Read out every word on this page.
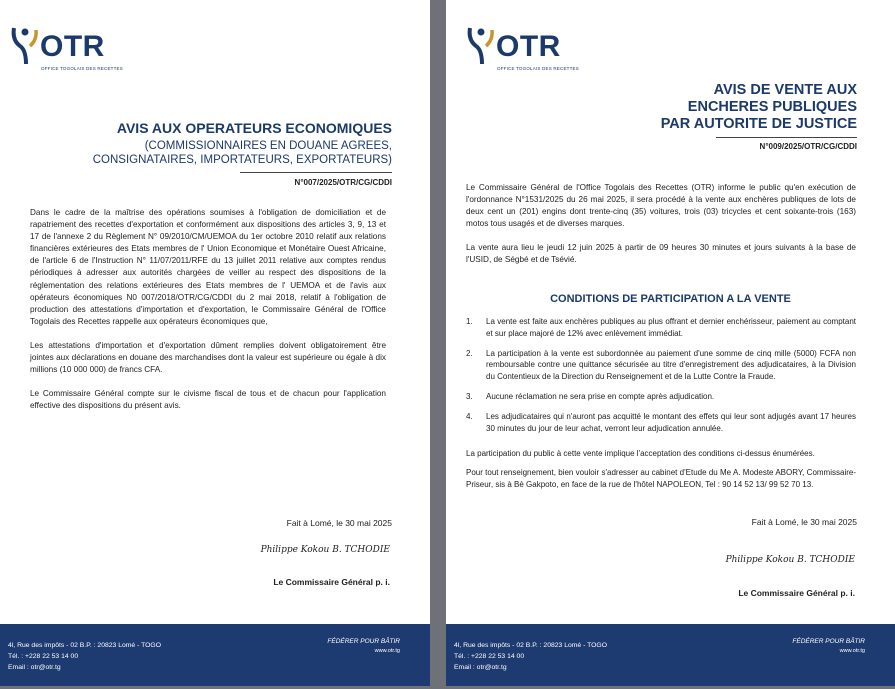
OTR
OFFICE TOGOLAIS DES RECETTES
AVIS AUX OPERATEURS ECONOMIQUES
(COMMISSIONNAIRES EN DOUANE AGREES,
CONSIGNATAIRES, IMPORTATEURS, EXPORTATEURS)
N°007/2025/OTR/CG/CDDI

Dans le cadre de la maîtrise des opérations soumises à l'obligation de domiciliation et de rapatriement des recettes d'exportation et conformément aux dispositions des articles 3, 9, 13 et 17 de l'annexe 2 du Règlement N° 09/2010/CM/UEMOA du 1er octobre 2010 relatif aux relations financières extérieures des Etats membres de l' Union Economique et Monétaire Ouest Africaine, de l'article 6 de l'Instruction N° 11/07/2011/RFE du 13 juillet 2011 relative aux comptes rendus périodiques à adresser aux autorités chargées de veiller au respect des dispositions de la réglementation des relations extérieures des Etats membres de l' UEMOA et de l'avis aux opérateurs économiques N0 007/2018/OTR/CG/CDDI du 2 mai 2018, relatif à l'obligation de production des attestations d'importation et d'exportation, le Commissaire Général de l'Office Togolais des Recettes rappelle aux opérateurs économiques que,

Les attestations d'importation et d'exportation dûment remplies doivent obligatoirement être jointes aux déclarations en douane des marchandises dont la valeur est supérieure ou égale à dix millions (10 000 000) de francs CFA.

Le Commissaire Général compte sur le civisme fiscal de tous et de chacun pour l'application effective des dispositions du présent avis.

Fait à Lomé, le 30 mai 2025
Philippe Kokou B. TCHODIE
Le Commissaire Général p. i.
4l, Rue des impôts - 02 B.P. : 20823 Lomé - TOGO
Tél. : +228 22 53 14 00
Email : otr@otr.tg
FÉDÉRER POUR BÂTIR
www.otr.tg
OTR
OFFICE TOGOLAIS DES RECETTES
AVIS DE VENTE AUX
ENCHERES PUBLIQUES
PAR AUTORITE DE JUSTICE
N°009/2025/OTR/CG/CDDI

Le Commissaire Général de l'Office Togolais des Recettes (OTR) informe le public qu'en exécution de l'ordonnance N°1531/2025 du 26 mai 2025, il sera procédé à la vente aux enchères publiques de lots de deux cent un (201) engins dont trente-cinq (35) voitures, trois (03) tricycles et cent soixante-trois (163) motos tous usagés et de diverses marques.

La vente aura lieu le jeudi 12 juin 2025 à partir de 09 heures 30 minutes et jours suivants à la base de l'USID, de Ségbé et de Tsévié.

CONDITIONS DE PARTICIPATION A LA VENTE
1. La vente est faite aux enchères publiques au plus offrant et dernier enchérisseur, paiement au comptant et sur place majoré de 12% avec enlèvement immédiat.
2. La participation à la vente est subordonnée au paiement d'une somme de cinq mille (5000) FCFA non remboursable contre une quittance sécurisée au titre d'enregistrement des adjudicataires, à la Division du Contentieux de la Direction du Renseignement et de la Lutte Contre la Fraude.
3. Aucune réclamation ne sera prise en compte après adjudication.
4. Les adjudicataires qui n'auront pas acquitté le montant des effets qui leur sont adjugés avant 17 heures 30 minutes du jour de leur achat, verront leur adjudication annulée.

La participation du public à cette vente implique l'acceptation des conditions ci-dessus énumérées.

Pour tout renseignement, bien vouloir s'adresser au cabinet d'Etude du Me A. Modeste ABORY, Commissaire-Priseur, sis à Bè Gakpoto, en face de la rue de l'hôtel NAPOLEON, Tel : 90 14 52 13/ 99 52 70 13.

Fait à Lomé, le 30 mai 2025
Philippe Kokou B. TCHODIE
Le Commissaire Général p. i.
4l, Rue des impôts - 02 B.P. : 20823 Lomé - TOGO
Tél. : +228 22 53 14 00
Email : otr@otr.tg
FÉDÉRER POUR BÂTIR
www.otr.tg
